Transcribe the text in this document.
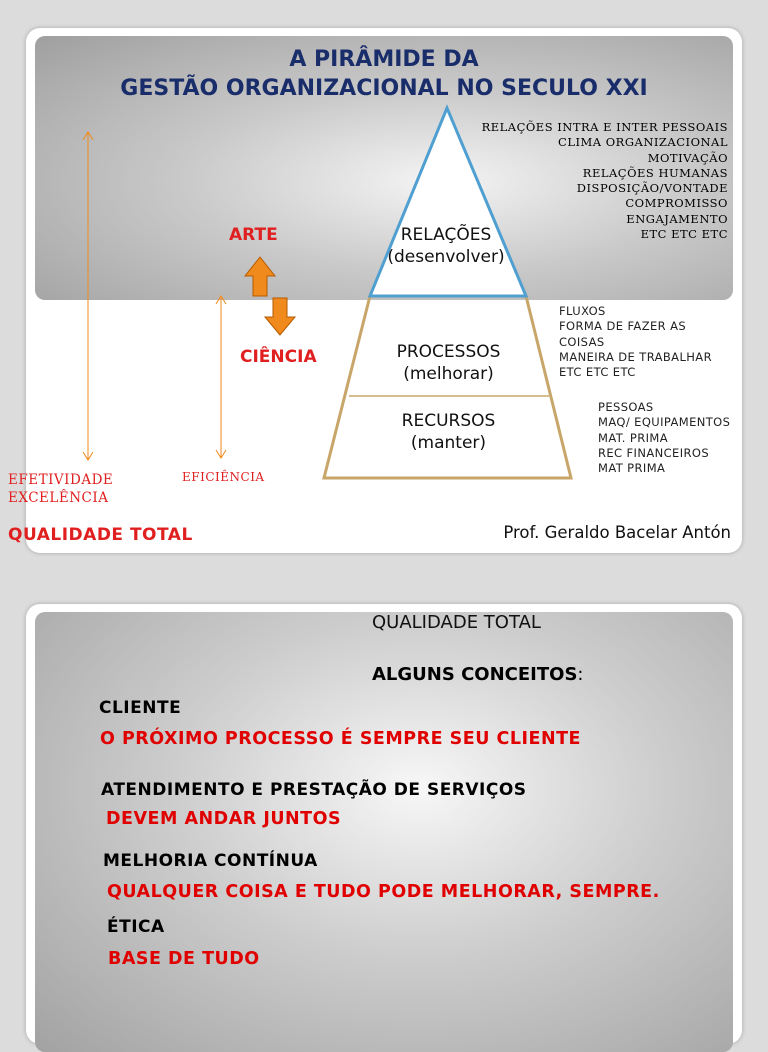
A PIRÂMIDE DA
GESTÃO ORGANIZACIONAL NO SECULO XXI
RELAÇÕES INTRA E INTER PESSOAIS
CLIMA ORGANIZACIONAL
MOTIVAÇÃO
RELAÇÕES HUMANAS
DISPOSIÇÃO/VONTADE
COMPROMISSO
ENGAJAMENTO
ETC ETC ETC
RELAÇÕES
(desenvolver)
PROCESSOS
(melhorar)
RECURSOS
(manter)
FLUXOS
FORMA DE FAZER AS
COISAS
MANEIRA DE TRABALHAR
ETC ETC ETC
PESSOAS
MAQ/ EQUIPAMENTOS
MAT. PRIMA
REC FINANCEIROS
MAT PRIMA
ARTE
CIÊNCIA
EFETIVIDADE
EXCELÊNCIA
EFICIÊNCIA
QUALIDADE TOTAL	Prof. Geraldo Bacelar Antón
QUALIDADE TOTAL
ALGUNS CONCEITOS:
CLIENTE
O PRÓXIMO PROCESSO É SEMPRE SEU CLIENTE
ATENDIMENTO E PRESTAÇÃO DE SERVIÇOS
DEVEM ANDAR JUNTOS
MELHORIA CONTÍNUA
QUALQUER COISA E TUDO PODE MELHORAR, SEMPRE.
ÉTICA
BASE DE TUDO
